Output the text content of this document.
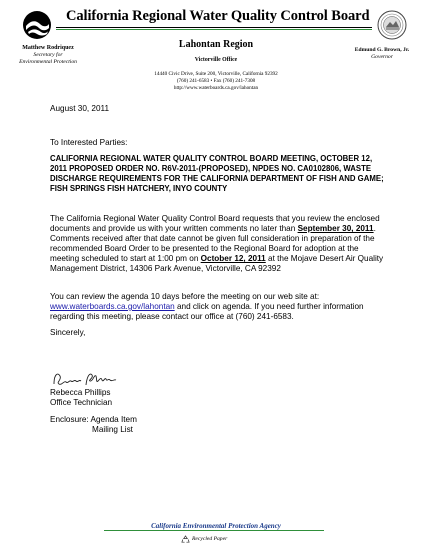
California Regional Water Quality Control Board
Lahontan Region
Matthew Rodriquez
Secretary for
Environmental Protection
Edmund G. Brown, Jr.
Governor
Victorville Office
14440 Civic Drive, Suite 200, Victorville, California 92392
(760) 241-6583 • Fax (760) 241-7308
http://www.waterboards.ca.gov/lahontan
August 30, 2011
To Interested Parties:
CALIFORNIA REGIONAL WATER QUALITY CONTROL BOARD MEETING, OCTOBER 12, 2011 PROPOSED ORDER NO. R6V-2011-(PROPOSED), NPDES NO. CA0102806, WASTE DISCHARGE REQUIREMENTS FOR THE CALIFORNIA DEPARTMENT OF FISH AND GAME; FISH SPRINGS FISH HATCHERY, INYO COUNTY
The California Regional Water Quality Control Board requests that you review the enclosed documents and provide us with your written comments no later than September 30, 2011. Comments received after that date cannot be given full consideration in preparation of the recommended Board Order to be presented to the Regional Board for adoption at the meeting scheduled to start at 1:00 pm on October 12, 2011 at the Mojave Desert Air Quality Management District, 14306 Park Avenue, Victorville, CA 92392
You can review the agenda 10 days before the meeting on our web site at: www.waterboards.ca.gov/lahontan and click on agenda. If you need further information regarding this meeting, please contact our office at (760) 241-6583.
Sincerely,
Rebecca Phillips
Office Technician
Enclosure: Agenda Item
Mailing List
California Environmental Protection Agency
Recycled Paper
